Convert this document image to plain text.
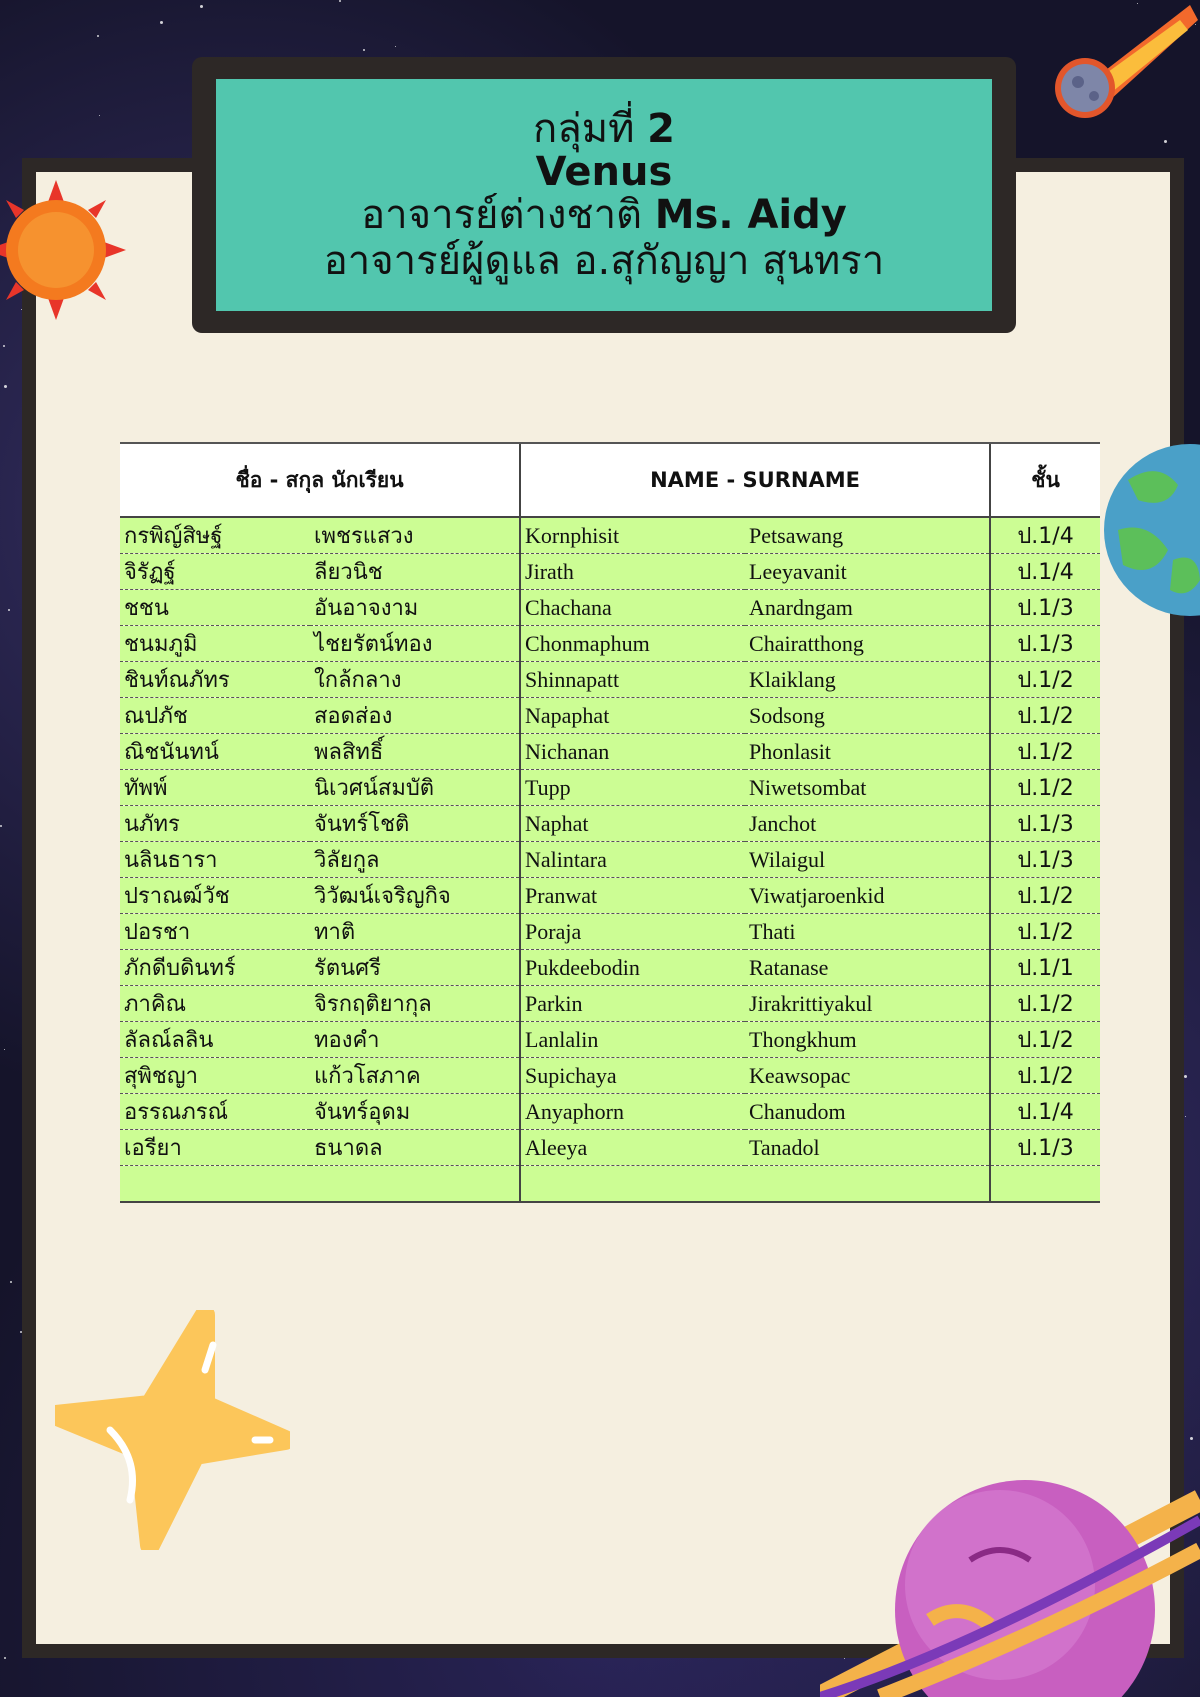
กลุ่มที่ 2
Venus
อาจารย์ต่างชาติ Ms. Aidy
อาจารย์ผู้ดูแล อ.สุกัญญา สุนทรา
ชื่อ - สกุล นักเรียน		NAME - SURNAME		ชั้น
กรพิญ์สิษฐ์	เพชรแสวง	Kornphisit	Petsawang	ป.1/4
จิรัฏฐ์	ลียวนิช	Jirath	Leeyavanit	ป.1/4
ชชน	อันอาจงาม	Chachana	Anardngam	ป.1/3
ชนมภูมิ	ไชยรัตน์ทอง	Chonmaphum	Chairatthong	ป.1/3
ชินท์ณภัทร	ใกล้กลาง	Shinnapatt	Klaiklang	ป.1/2
ณปภัช	สอดส่อง	Napaphat	Sodsong	ป.1/2
ณิชนันทน์	พลสิทธิ์	Nichanan	Phonlasit	ป.1/2
ทัพพ์	นิเวศน์สมบัติ	Tupp	Niwetsombat	ป.1/2
นภัทร	จันทร์โชติ	Naphat	Janchot	ป.1/3
นลินธารา	วิลัยกูล	Nalintara	Wilaigul	ป.1/3
ปราณฒ์วัช	วิวัฒน์เจริญกิจ	Pranwat	Viwatjaroenkid	ป.1/2
ปอรชา	ทาติ	Poraja	Thati	ป.1/2
ภักดีบดินทร์	รัตนศรี	Pukdeebodin	Ratanase	ป.1/1
ภาคิณ	จิรกฤติยากุล	Parkin	Jirakrittiyakul	ป.1/2
ลัลณ์ลลิน	ทองคำ	Lanlalin	Thongkhum	ป.1/2
สุพิชญา	แก้วโสภาค	Supichaya	Keawsopac	ป.1/2
อรรณภรณ์	จันทร์อุดม	Anyaphorn	Chanudom	ป.1/4
เอรียา	ธนาดล	Aleeya	Tanadol	ป.1/3
